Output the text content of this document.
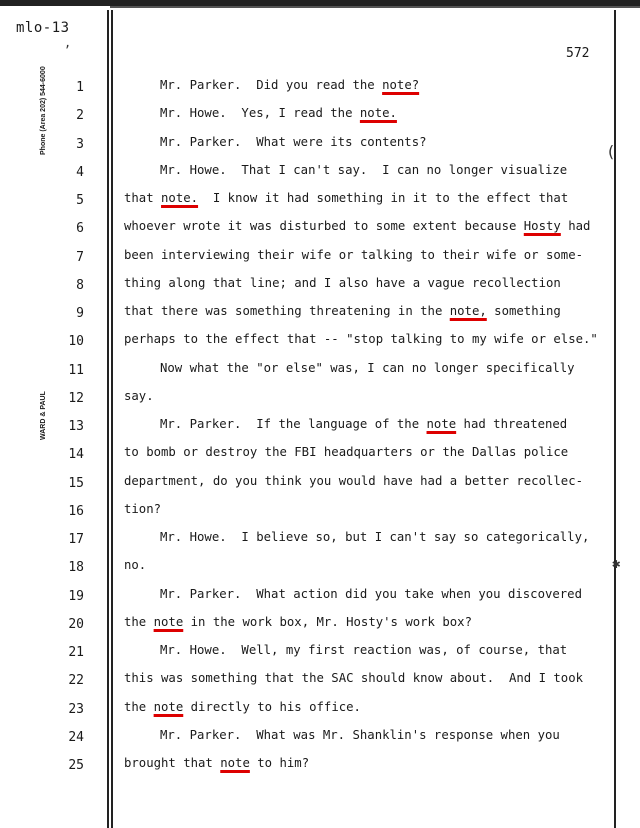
mlo-13
572
Phone (Area 202) 544-6000
WARD & PAUL
1
2
3
4
5
6
7
8
9
10
11
12
13
14
15
16
17
18
19
20
21
22
23
24
25
Mr. Parker.  Did you read the note?
Mr. Howe.  Yes, I read the note.
Mr. Parker.  What were its contents?
Mr. Howe.  That I can't say.  I can no longer visualize
that note.  I know it had something in it to the effect that
whoever wrote it was disturbed to some extent because Hosty had
been interviewing their wife or talking to their wife or some-
thing along that line; and I also have a vague recollection
that there was something threatening in the note, something
perhaps to the effect that -- "stop talking to my wife or else."
Now what the "or else" was, I can no longer specifically
say.
Mr. Parker.  If the language of the note had threatened
to bomb or destroy the FBI headquarters or the Dallas police
department, do you think you would have had a better recollec-
tion?
Mr. Howe.  I believe so, but I can't say so categorically,
no.
Mr. Parker.  What action did you take when you discovered
the note in the work box, Mr. Hosty's work box?
Mr. Howe.  Well, my first reaction was, of course, that
this was something that the SAC should know about.  And I took
the note directly to his office.
Mr. Parker.  What was Mr. Shanklin's response when you
brought that note to him?
,
(
✱
